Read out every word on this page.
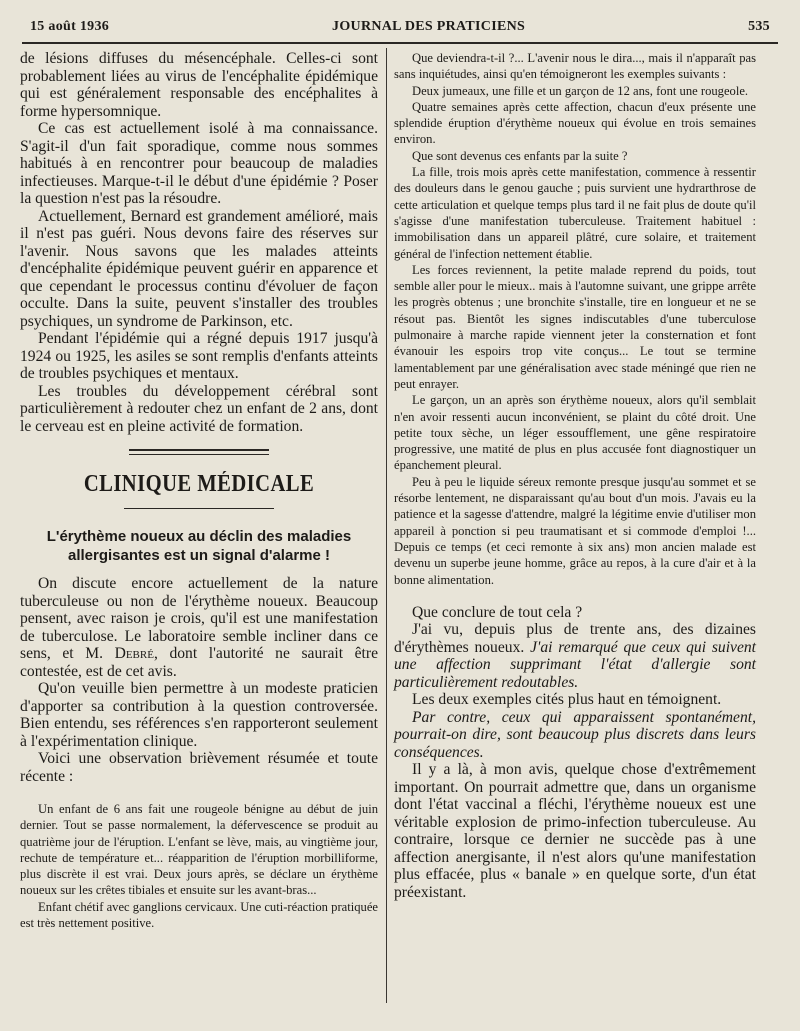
15 août 1936	JOURNAL DES PRATICIENS	535

de lésions diffuses du mésencéphale. Celles-ci sont probablement liées au virus de l'encéphalite épidémique qui est généralement responsable des encéphalites à forme hypersomnique.

Ce cas est actuellement isolé à ma connaissance. S'agit-il d'un fait sporadique, comme nous sommes habitués à en rencontrer pour beaucoup de maladies infectieuses. Marque-t-il le début d'une épidémie ? Poser la question n'est pas la résoudre.

Actuellement, Bernard est grandement amélioré, mais il n'est pas guéri. Nous devons faire des réserves sur l'avenir. Nous savons que les malades atteints d'encéphalite épidémique peuvent guérir en apparence et que cependant le processus continu d'évoluer de façon occulte. Dans la suite, peuvent s'installer des troubles psychiques, un syndrome de Parkinson, etc.

Pendant l'épidémie qui a régné depuis 1917 jusqu'à 1924 ou 1925, les asiles se sont remplis d'enfants atteints de troubles psychiques et mentaux.

Les troubles du développement cérébral sont particulièrement à redouter chez un enfant de 2 ans, dont le cerveau est en pleine activité de formation.

CLINIQUE MÉDICALE
L'érythème noueux au déclin des maladies allergisantes est un signal d'alarme !

On discute encore actuellement de la nature tuberculeuse ou non de l'érythème noueux. Beaucoup pensent, avec raison je crois, qu'il est une manifestation de tuberculose. Le laboratoire semble incliner dans ce sens, et M. Debré, dont l'autorité ne saurait être contestée, est de cet avis.

Qu'on veuille bien permettre à un modeste praticien d'apporter sa contribution à la question controversée. Bien entendu, ses références s'en rapporteront seulement à l'expérimentation clinique.

Voici une observation brièvement résumée et toute récente :

Un enfant de 6 ans fait une rougeole bénigne au début de juin dernier. Tout se passe normalement, la défervescence se produit au quatrième jour de l'éruption. L'enfant se lève, mais, au vingtième jour, rechute de température et... réapparition de l'éruption morbilliforme, plus discrète il est vrai. Deux jours après, se déclare un érythème noueux sur les crêtes tibiales et ensuite sur les avant-bras...

Enfant chétif avec ganglions cervicaux. Une cuti-réaction pratiquée est très nettement positive.

Que deviendra-t-il ?... L'avenir nous le dira..., mais il n'apparaît pas sans inquiétudes, ainsi qu'en témoigneront les exemples suivants :

Deux jumeaux, une fille et un garçon de 12 ans, font une rougeole.

Quatre semaines après cette affection, chacun d'eux présente une splendide éruption d'érythème noueux qui évolue en trois semaines environ.

Que sont devenus ces enfants par la suite ?

La fille, trois mois après cette manifestation, commence à ressentir des douleurs dans le genou gauche ; puis survient une hydrarthrose de cette articulation et quelque temps plus tard il ne fait plus de doute qu'il s'agisse d'une manifestation tuberculeuse. Traitement habituel : immobilisation dans un appareil plâtré, cure solaire, et traitement général de l'infection nettement établie.

Les forces reviennent, la petite malade reprend du poids, tout semble aller pour le mieux.. mais à l'automne suivant, une grippe arrête les progrès obtenus ; une bronchite s'installe, tire en longueur et ne se résout pas. Bientôt les signes indiscutables d'une tuberculose pulmonaire à marche rapide viennent jeter la consternation et font évanouir les espoirs trop vite conçus... Le tout se termine lamentablement par une généralisation avec stade méningé que rien ne peut enrayer.

Le garçon, un an après son érythème noueux, alors qu'il semblait n'en avoir ressenti aucun inconvénient, se plaint du côté droit. Une petite toux sèche, un léger essoufflement, une gêne respiratoire progressive, une matité de plus en plus accusée font diagnostiquer un épanchement pleural.

Peu à peu le liquide séreux remonte presque jusqu'au sommet et se résorbe lentement, ne disparaissant qu'au bout d'un mois. J'avais eu la patience et la sagesse d'attendre, malgré la légitime envie d'utiliser mon appareil à ponction si peu traumatisant et si commode d'emploi !... Depuis ce temps (et ceci remonte à six ans) mon ancien malade est devenu un superbe jeune homme, grâce au repos, à la cure d'air et à la bonne alimentation.

Que conclure de tout cela ?

J'ai vu, depuis plus de trente ans, des dizaines d'érythèmes noueux. J'ai remarqué que ceux qui suivent une affection supprimant l'état d'allergie sont particulièrement redoutables.

Les deux exemples cités plus haut en témoignent.

Par contre, ceux qui apparaissent spontanément, pourrait-on dire, sont beaucoup plus discrets dans leurs conséquences.

Il y a là, à mon avis, quelque chose d'extrêmement important. On pourrait admettre que, dans un organisme dont l'état vaccinal a fléchi, l'érythème noueux est une véritable explosion de primo-infection tuberculeuse. Au contraire, lorsque ce dernier ne succède pas à une affection anergisante, il n'est alors qu'une manifestation plus effacée, plus « banale » en quelque sorte, d'un état préexistant.
